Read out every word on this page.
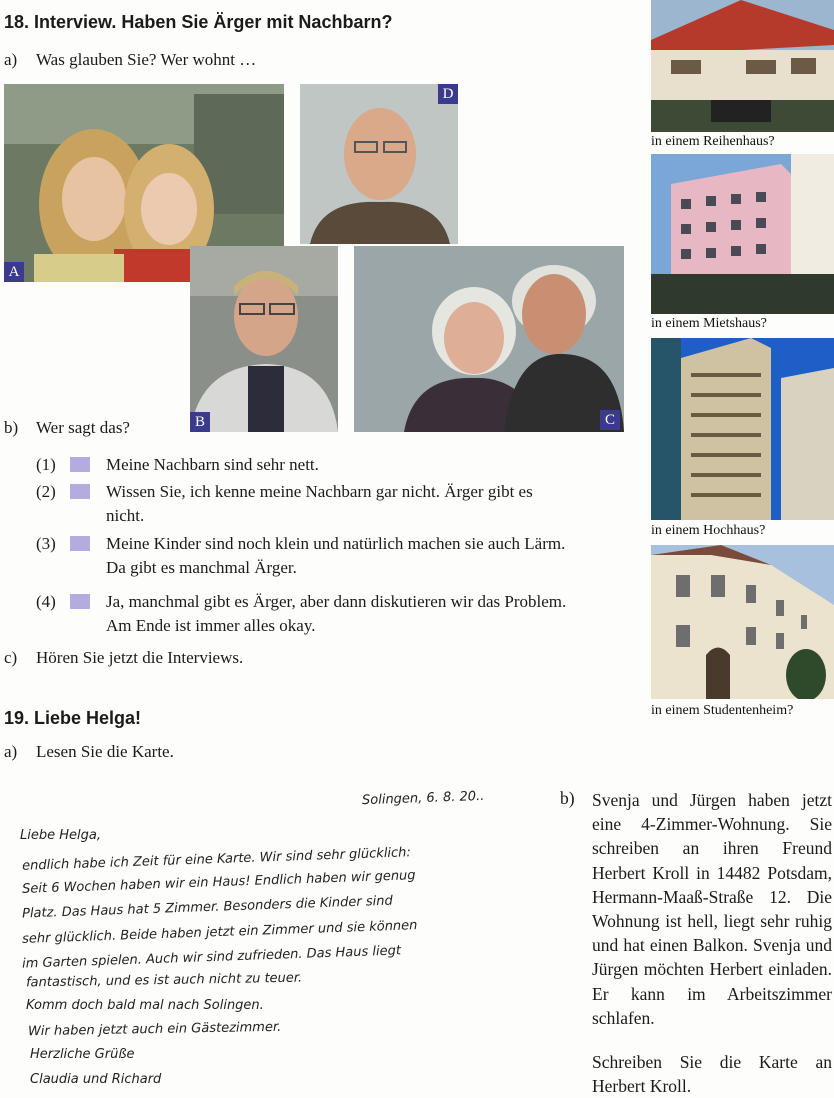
18. Interview. Haben Sie Ärger mit Nachbarn?
a) Was glauben Sie? Wer wohnt …
A
D
B	C
b) Wer sagt das?
(1)	Meine Nachbarn sind sehr nett.
(2)	Wissen Sie, ich kenne meine Nachbarn gar nicht. Ärger gibt es nicht.
(3)	Meine Kinder sind noch klein und natürlich machen sie auch Lärm. Da gibt es manchmal Ärger.
(4)	Ja, manchmal gibt es Ärger, aber dann diskutieren wir das Problem. Am Ende ist immer alles okay.
c) Hören Sie jetzt die Interviews.
in einem Reihenhaus?
in einem Mietshaus?
in einem Hochhaus?
in einem Studentenheim?
19. Liebe Helga!
a) Lesen Sie die Karte.
Solingen, 6. 8. 20..
Liebe Helga,
endlich habe ich Zeit für eine Karte. Wir sind sehr glücklich:
Seit 6 Wochen haben wir ein Haus! Endlich haben wir genug
Platz. Das Haus hat 5 Zimmer. Besonders die Kinder sind
sehr glücklich. Beide haben jetzt ein Zimmer und sie können
im Garten spielen. Auch wir sind zufrieden. Das Haus liegt
fantastisch, und es ist auch nicht zu teuer.
Komm doch bald mal nach Solingen.
Wir haben jetzt auch ein Gästezimmer.
Herzliche Grüße
Claudia und Richard
b) Svenja und Jürgen haben jetzt eine 4-Zimmer-Wohnung. Sie schreiben an ihren Freund Herbert Kroll in 14482 Potsdam, Hermann-Maaß-Straße 12. Die Wohnung ist hell, liegt sehr ruhig und hat einen Balkon. Svenja und Jürgen möchten Herbert einladen. Er kann im Arbeitszimmer schlafen.
Schreiben Sie die Karte an Herbert Kroll.
